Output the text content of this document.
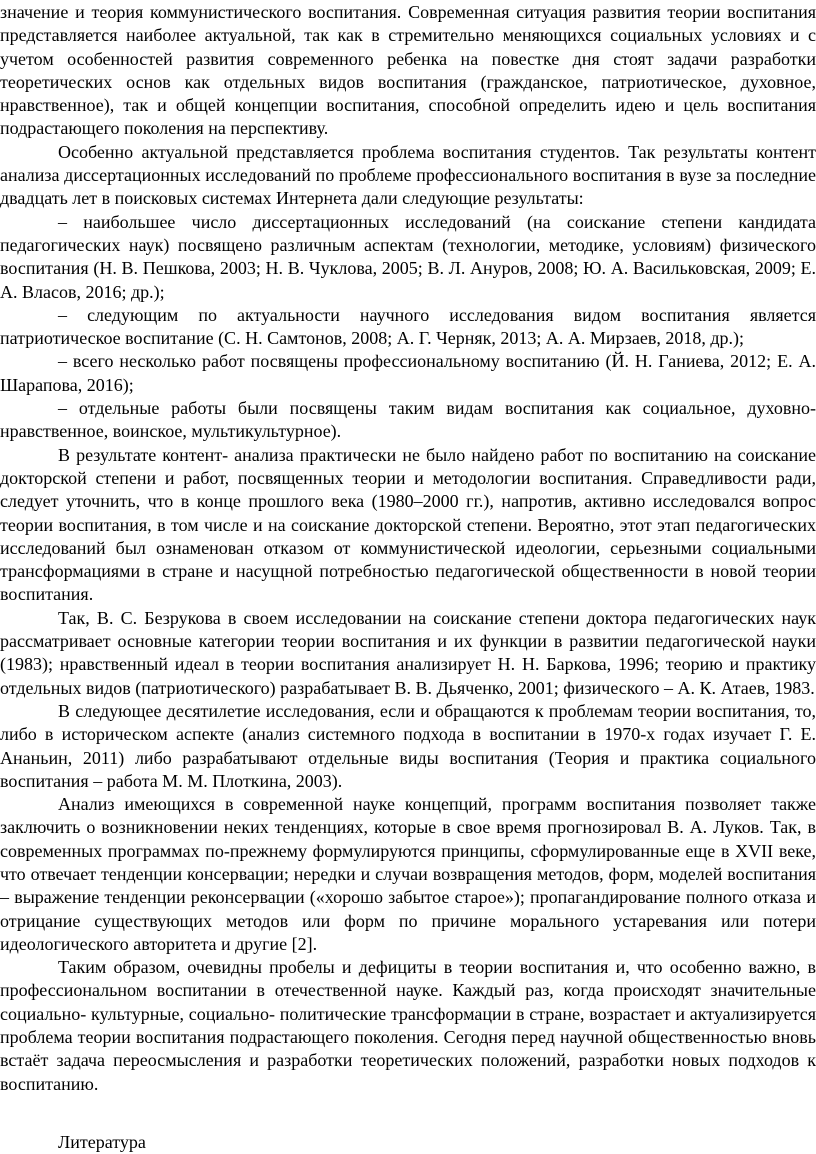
значение и теория коммунистического воспитания. Современная ситуация развития теории воспитания представляется наиболее актуальной, так как в стремительно меняющихся социальных условиях и с учетом особенностей развития современного ребенка на повестке дня стоят задачи разработки теоретических основ как отдельных видов воспитания (гражданское, патриотическое, духовное, нравственное), так и общей концепции воспитания, способной определить идею и цель воспитания подрастающего поколения на перспективу.

Особенно актуальной представляется проблема воспитания студентов. Так результаты контент анализа диссертационных исследований по проблеме профессионального воспитания в вузе за последние двадцать лет в поисковых системах Интернета дали следующие результаты:

– наибольшее число диссертационных исследований (на соискание степени кандидата педагогических наук) посвящено различным аспектам (технологии, методике, условиям) физического воспитания (Н. В. Пешкова, 2003; Н. В. Чуклова, 2005; В. Л. Ануров, 2008; Ю. А. Васильковская, 2009; Е. А. Власов, 2016; др.);

– следующим по актуальности научного исследования видом воспитания является патриотическое воспитание (С. Н. Самтонов, 2008; А. Г. Черняк, 2013; А. А. Мирзаев, 2018, др.);

– всего несколько работ посвящены профессиональному воспитанию (Й. Н. Ганиева, 2012; Е. А. Шарапова, 2016);

– отдельные работы были посвящены таким видам воспитания как социальное, духовно-нравственное, воинское, мультикультурное).

В результате контент- анализа практически не было найдено работ по воспитанию на соискание докторской степени и работ, посвященных теории и методологии воспитания. Справедливости ради, следует уточнить, что в конце прошлого века (1980–2000 гг.), напротив, активно исследовался вопрос теории воспитания, в том числе и на соискание докторской степени. Вероятно, этот этап педагогических исследований был ознаменован отказом от коммунистической идеологии, серьезными социальными трансформациями в стране и насущной потребностью педагогической общественности в новой теории воспитания.

Так, В. С. Безрукова в своем исследовании на соискание степени доктора педагогических наук рассматривает основные категории теории воспитания и их функции в развитии педагогической науки (1983); нравственный идеал в теории воспитания анализирует Н. Н. Баркова, 1996; теорию и практику отдельных видов (патриотического) разрабатывает В. В. Дьяченко, 2001; физического – А. К. Атаев, 1983.

В следующее десятилетие исследования, если и обращаются к проблемам теории воспитания, то, либо в историческом аспекте (анализ системного подхода в воспитании в 1970-х годах изучает Г. Е. Ананьин, 2011) либо разрабатывают отдельные виды воспитания (Теория и практика социального воспитания – работа М. М. Плоткина, 2003).

Анализ имеющихся в современной науке концепций, программ воспитания позволяет также заключить о возникновении неких тенденциях, которые в свое время прогнозировал В. А. Луков. Так, в современных программах по-прежнему формулируются принципы, сформулированные еще в XVII веке, что отвечает тенденции консервации; нередки и случаи возвращения методов, форм, моделей воспитания – выражение тенденции реконсервации («хорошо забытое старое»); пропагандирование полного отказа и отрицание существующих методов или форм по причине морального устаревания или потери идеологического авторитета и другие [2].

Таким образом, очевидны пробелы и дефициты в теории воспитания и, что особенно важно, в профессиональном воспитании в отечественной науке. Каждый раз, когда происходят значительные социально- культурные, социально- политические трансформации в стране, возрастает и актуализируется проблема теории воспитания подрастающего поколения. Сегодня перед научной общественностью вновь встаёт задача переосмысления и разработки теоретических положений, разработки новых подходов к воспитанию.

Литература
